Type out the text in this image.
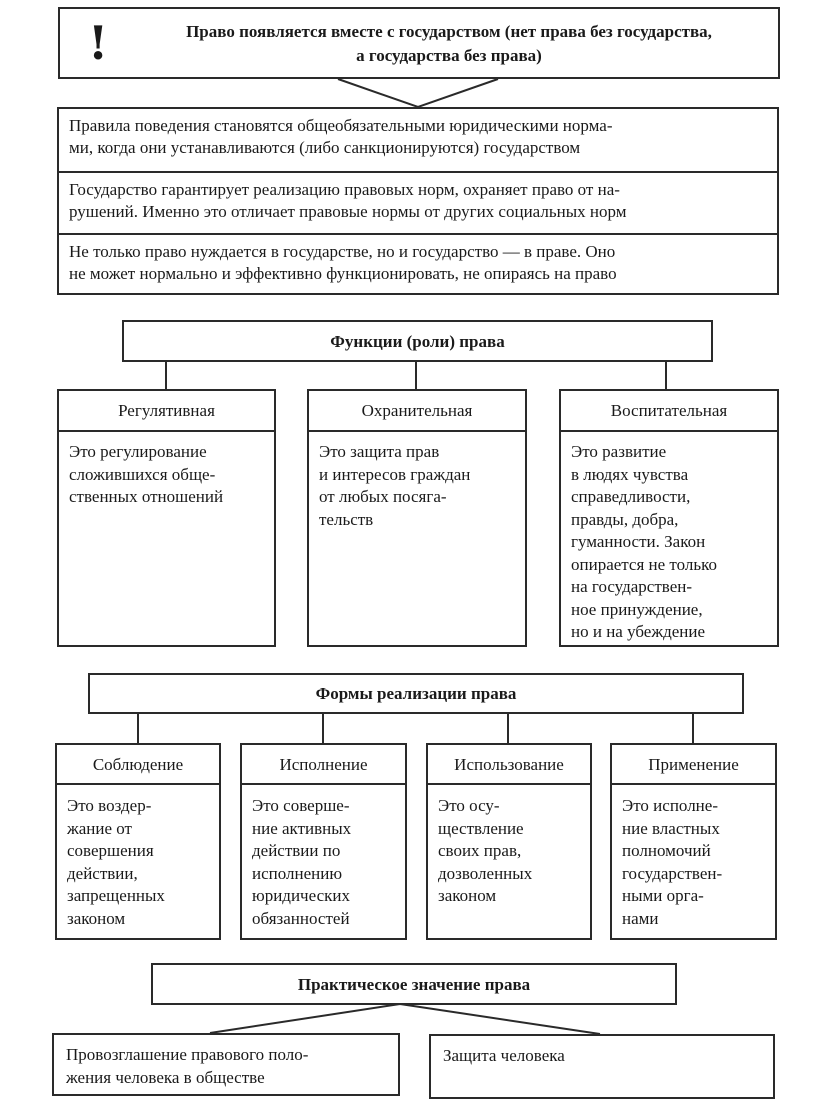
!	Право появляется вместе с государством (нет права без государства,
а государства без права)
Правила поведения становятся общеобязательными юридическими норма-
ми, когда они устанавливаются (либо санкционируются) государством
Государство гарантирует реализацию правовых норм, охраняет право от на-
рушений. Именно это отличает правовые нормы от других социальных норм
Не только право нуждается в государстве, но и государство — в праве. Оно
не может нормально и эффективно функционировать, не опираясь на право
Функции (роли) права
Регулятивная
Это регулирование
сложившихся обще-
ственных отношений
Охранительная
Это защита прав
и интересов граждан
от любых посяга-
тельств
Воспитательная
Это развитие
в людях чувства
справедливости,
правды, добра,
гуманности. Закон
опирается не только
на государствен-
ное принуждение,
но и на убеждение
Формы реализации права
Соблюдение
Это воздер-
жание от
совершения
действии,
запрещенных
законом
Исполнение
Это соверше-
ние активных
действии по
исполнению
юридических
обязанностей
Использование
Это осу-
ществление
своих прав,
дозволенных
законом
Применение
Это исполне-
ние властных
полномочий
государствен-
ными орга-
нами
Практическое значение права
Провозглашение правового поло-
жения человека в обществе
Защита человека
